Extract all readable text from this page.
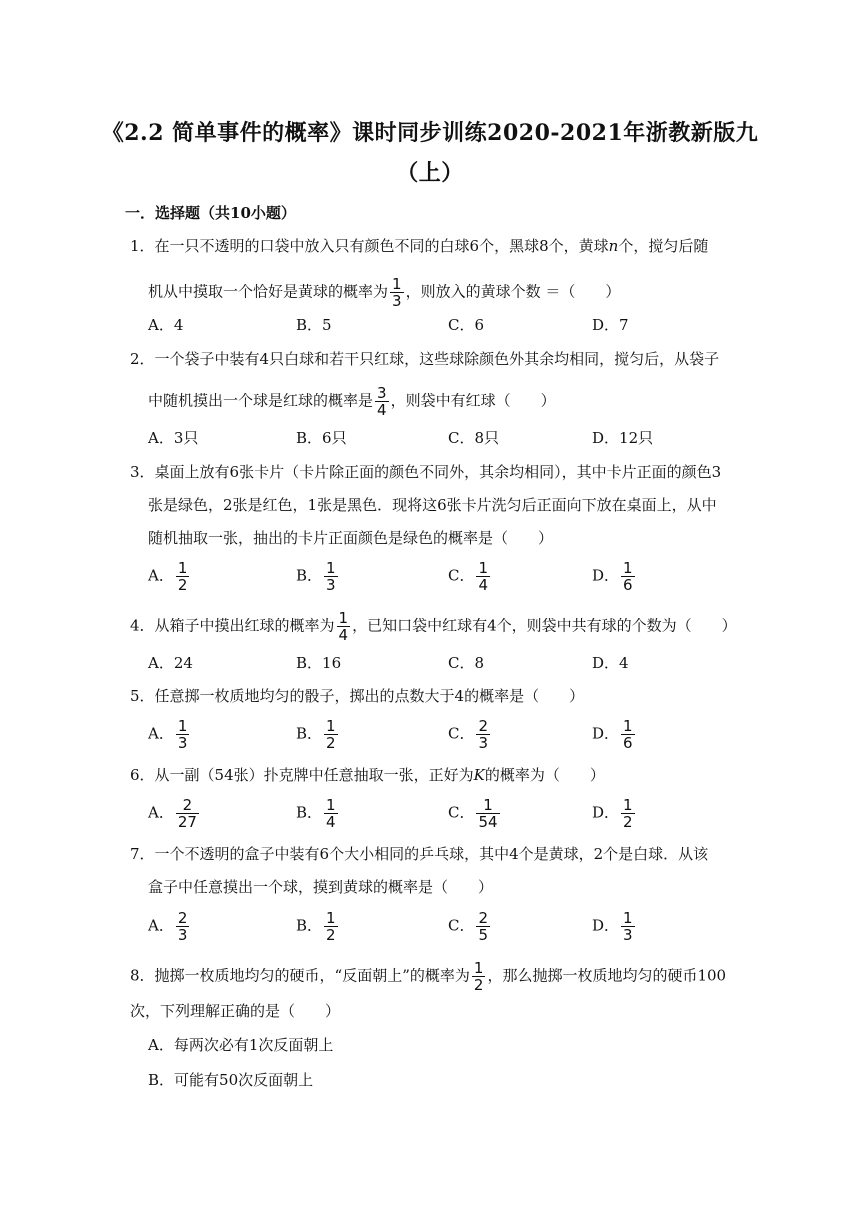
《2.2 简单事件的概率》课时同步训练2020-2021年浙教新版九
（上）
一．选择题（共10小题）
1．在一只不透明的口袋中放入只有颜色不同的白球6个，黑球8个，黄球n个，搅匀后随
机从中摸取一个恰好是黄球的概率为 $\frac{1}{3}$ ，则放入的黄球个数 ＝（　　）
A．4	B．5	C．6	D．7
2．一个袋子中装有4只白球和若干只红球，这些球除颜色外其余均相同，搅匀后，从袋子
中随机摸出一个球是红球的概率是 $\frac{3}{4}$ ，则袋中有红球（　　）
A．3只	B．6只	C．8只	D．12只
3．桌面上放有6张卡片（卡片除正面的颜色不同外，其余均相同），其中卡片正面的颜色3
张是绿色，2张是红色，1张是黑色．现将这6张卡片洗匀后正面向下放在桌面上，从中
随机抽取一张，抽出的卡片正面颜色是绿色的概率是（　　）
A． $\frac{1}{2}$	B． $\frac{1}{3}$	C． $\frac{1}{4}$	D． $\frac{1}{6}$
4．从箱子中摸出红球的概率为 $\frac{1}{4}$ ，已知口袋中红球有4个，则袋中共有球的个数为（　　）
A．24	B．16	C．8	D．4
5．任意掷一枚质地均匀的骰子，掷出的点数大于4的概率是（　　）
A． $\frac{1}{3}$	B． $\frac{1}{2}$	C． $\frac{2}{3}$	D． $\frac{1}{6}$
6．从一副（54张）扑克牌中任意抽取一张，正好为K的概率为（　　）
A． $\frac{2}{27}$	B． $\frac{1}{4}$	C． $\frac{1}{54}$	D． $\frac{1}{2}$
7．一个不透明的盒子中装有6个大小相同的乒乓球，其中4个是黄球，2个是白球．从该
盒子中任意摸出一个球，摸到黄球的概率是（　　）
A． $\frac{2}{3}$	B． $\frac{1}{2}$	C． $\frac{2}{5}$	D． $\frac{1}{3}$
8．抛掷一枚质地均匀的硬币，“反面朝上”的概率为 $\frac{1}{2}$ ，那么抛掷一枚质地均匀的硬币100
次，下列理解正确的是（　　）
A．每两次必有1次反面朝上
B．可能有50次反面朝上
